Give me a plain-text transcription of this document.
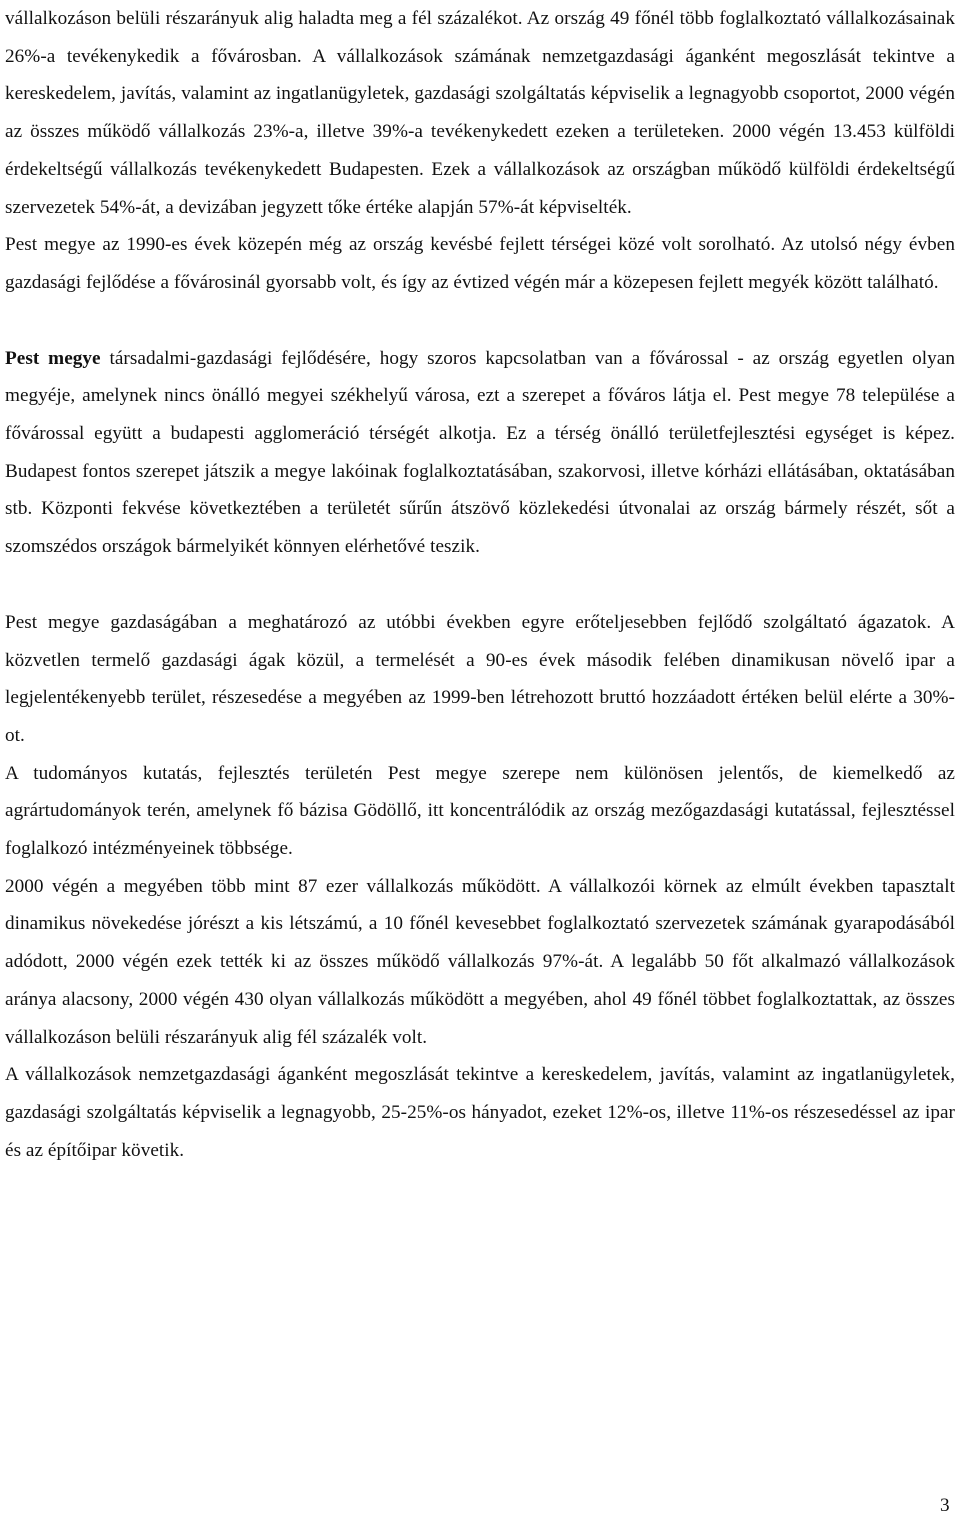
vállalkozáson belüli részarányuk alig haladta meg a fél százalékot. Az ország 49 főnél több foglalkoztató vállalkozásainak 26%-a tevékenykedik a fővárosban. A vállalkozások számának nemzetgazdasági áganként megoszlását tekintve a kereskedelem, javítás, valamint az ingatlanügyletek, gazdasági szolgáltatás képviselik a legnagyobb csoportot, 2000 végén az összes működő vállalkozás 23%-a, illetve 39%-a tevékenykedett ezeken a területeken. 2000 végén 13.453 külföldi érdekeltségű vállalkozás tevékenykedett Budapesten. Ezek a vállalkozások az országban működő külföldi érdekeltségű szervezetek 54%-át, a devizában jegyzett tőke értéke alapján 57%-át képviselték.

Pest megye az 1990-es évek közepén még az ország kevésbé fejlett térségei közé volt sorolható. Az utolsó négy évben gazdasági fejlődése a fővárosinál gyorsabb volt, és így az évtized végén már a közepesen fejlett megyék között található.

Pest megye társadalmi-gazdasági fejlődésére, hogy szoros kapcsolatban van a fővárossal - az ország egyetlen olyan megyéje, amelynek nincs önálló megyei székhelyű városa, ezt a szerepet a főváros látja el. Pest megye 78 települése a fővárossal együtt a budapesti agglomeráció térségét alkotja. Ez a térség önálló területfejlesztési egységet is képez. Budapest fontos szerepet játszik a megye lakóinak foglalkoztatásában, szakorvosi, illetve kórházi ellátásában, oktatásában stb. Központi fekvése következtében a területét sűrűn átszövő közlekedési útvonalai az ország bármely részét, sőt a szomszédos országok bármelyikét könnyen elérhetővé teszik.

Pest megye gazdaságában a meghatározó az utóbbi években egyre erőteljesebben fejlődő szolgáltató ágazatok. A közvetlen termelő gazdasági ágak közül, a termelését a 90-es évek második felében dinamikusan növelő ipar a legjelentékenyebb terület, részesedése a megyében az 1999-ben létrehozott bruttó hozzáadott értéken belül elérte a 30%-ot.

A tudományos kutatás, fejlesztés területén Pest megye szerepe nem különösen jelentős, de kiemelkedő az agrártudományok terén, amelynek fő bázisa Gödöllő, itt koncentrálódik az ország mezőgazdasági kutatással, fejlesztéssel foglalkozó intézményeinek többsége.

2000 végén a megyében több mint 87 ezer vállalkozás működött. A vállalkozói körnek az elmúlt években tapasztalt dinamikus növekedése jórészt a kis létszámú, a 10 főnél kevesebbet foglalkoztató szervezetek számának gyarapodásából adódott, 2000 végén ezek tették ki az összes működő vállalkozás 97%-át. A legalább 50 főt alkalmazó vállalkozások aránya alacsony, 2000 végén 430 olyan vállalkozás működött a megyében, ahol 49 főnél többet foglalkoztattak, az összes vállalkozáson belüli részarányuk alig fél százalék volt.

A vállalkozások nemzetgazdasági áganként megoszlását tekintve a kereskedelem, javítás, valamint az ingatlanügyletek, gazdasági szolgáltatás képviselik a legnagyobb, 25-25%-os hányadot, ezeket 12%-os, illetve 11%-os részesedéssel az ipar és az építőipar követik.

3
